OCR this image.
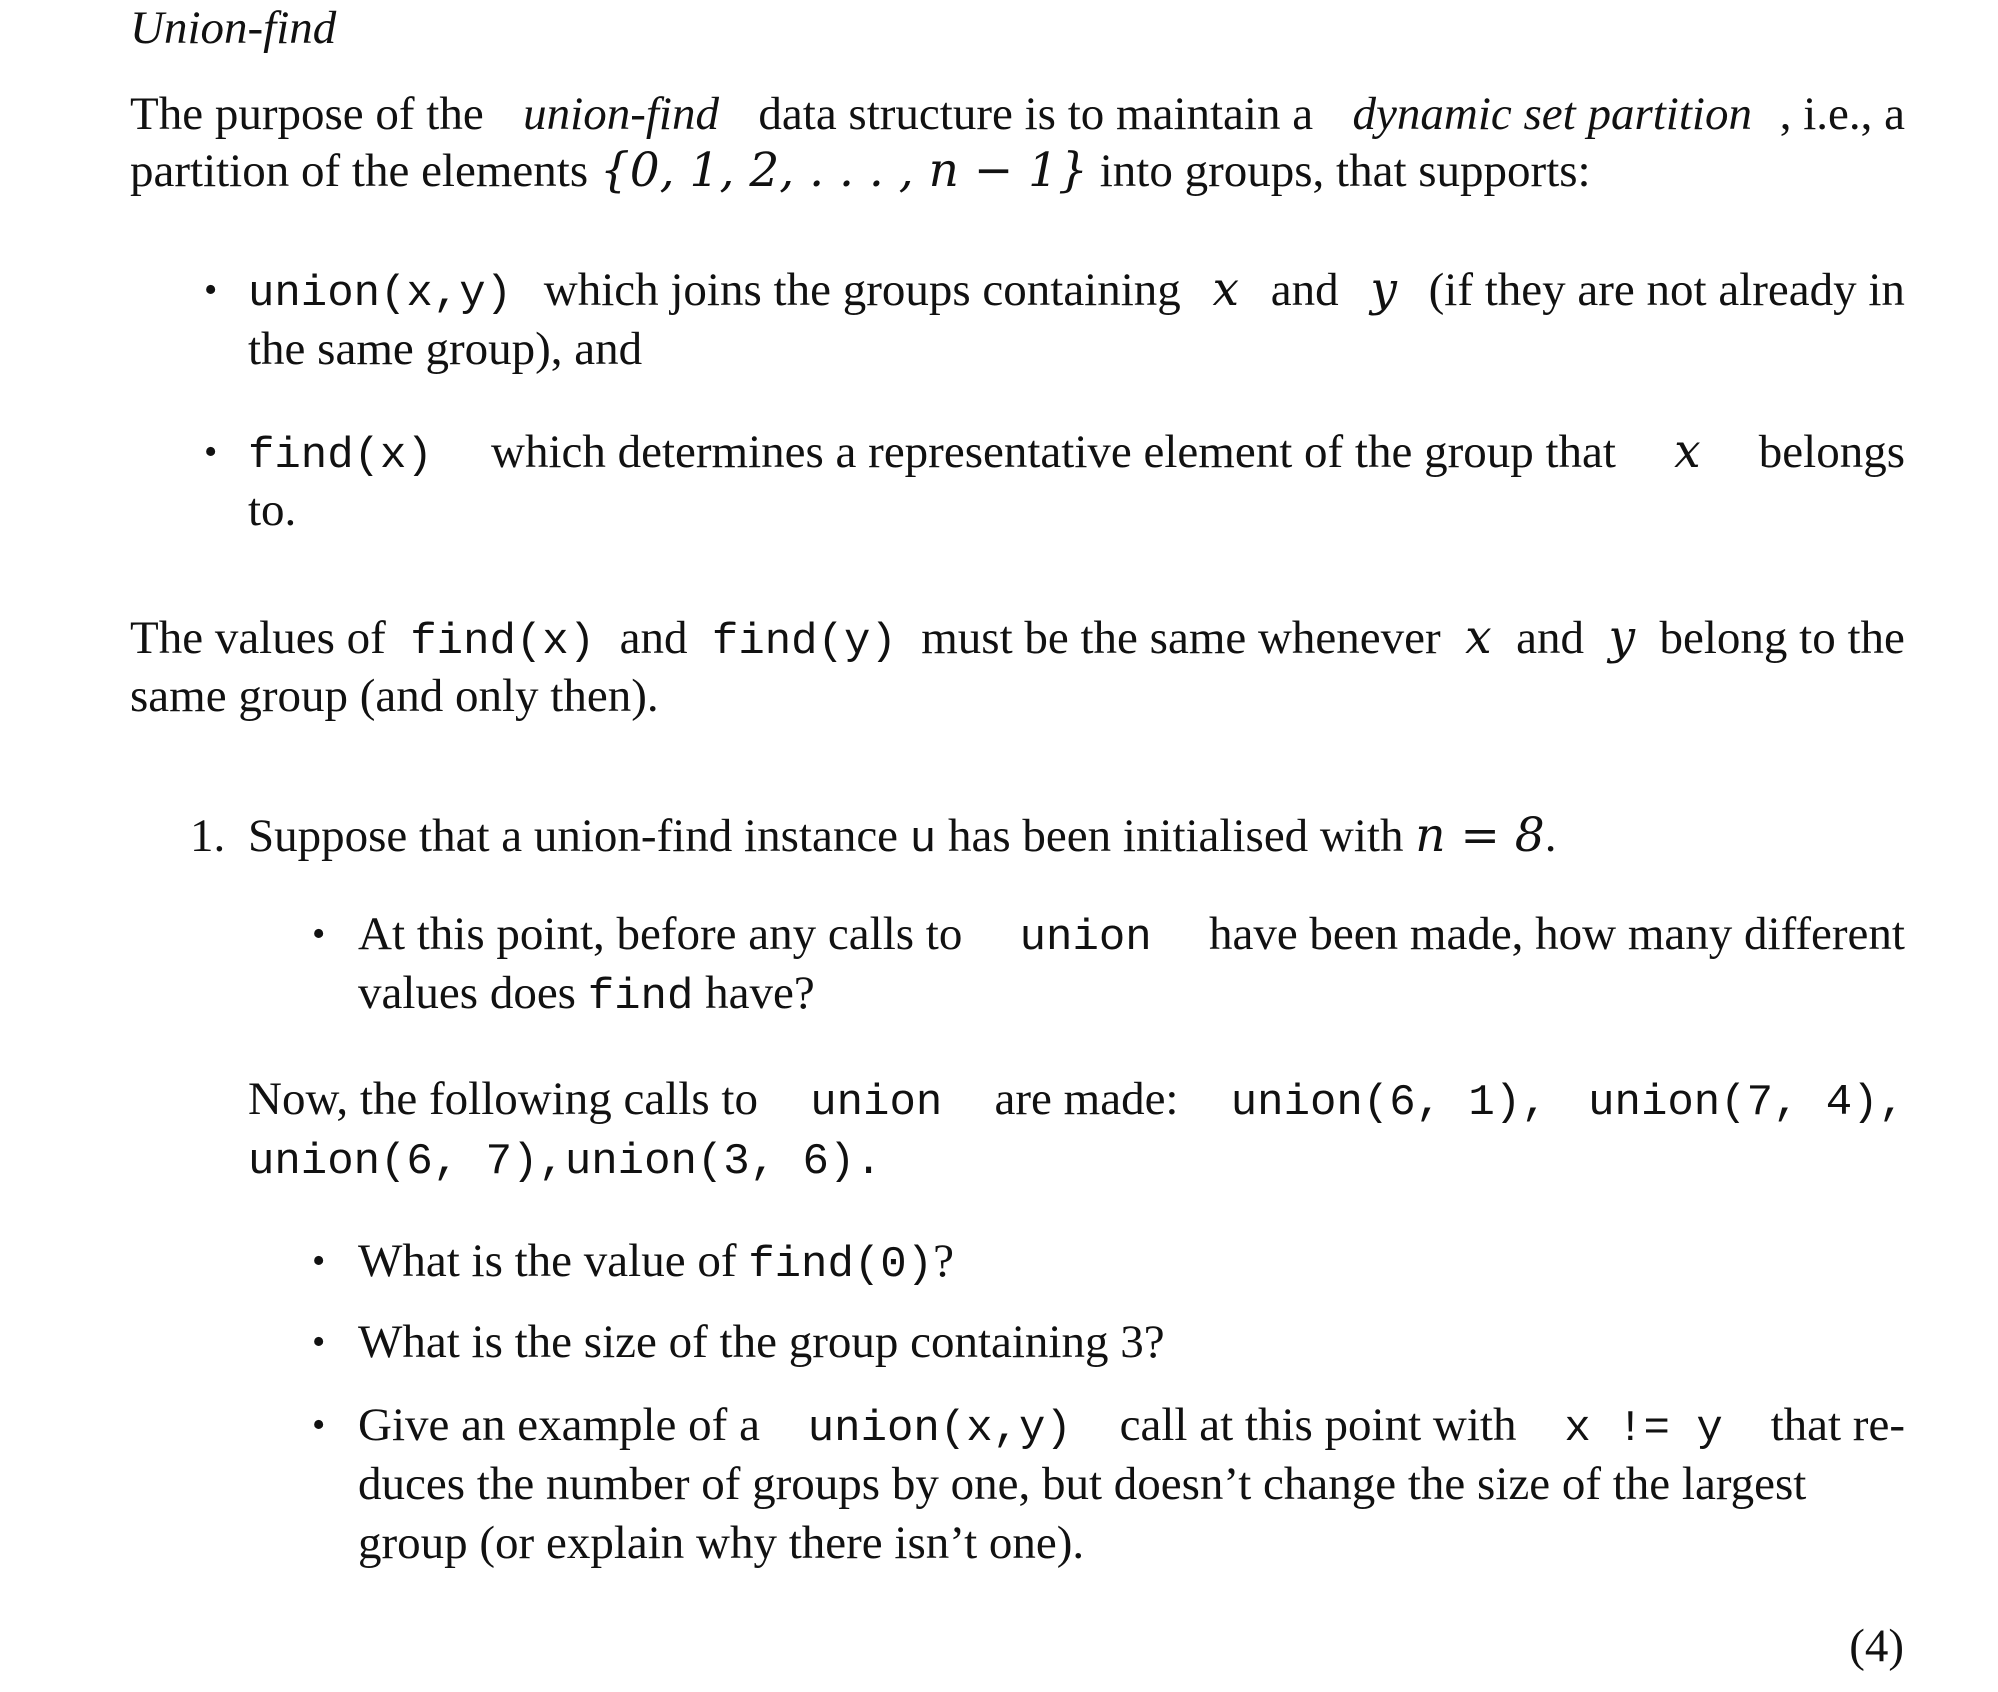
Union-find
The purpose of the union-find data structure is to maintain a dynamic set partition , i.e., a
partition of the elements {0, 1, 2, . . . , n − 1} into groups, that supports:
• union(x,y) which joins the groups containing x and y (if they are not already in
the same group), and
• find(x) which determines a representative element of the group that x belongs
to.
The values of find(x) and find(y) must be the same whenever x and y belong to the
same group (and only then).
1. Suppose that a union-find instance u has been initialised with n = 8.
• At this point, before any calls to union have been made, how many different
values does find have?
Now, the following calls to union are made: union(6, 1), union(7, 4),
union(6, 7),union(3, 6).
• What is the value of find(0)?
• What is the size of the group containing 3?
• Give an example of a union(x,y) call at this point with x != y that re-
duces the number of groups by one, but doesn’t change the size of the largest
group (or explain why there isn’t one).
(4)
